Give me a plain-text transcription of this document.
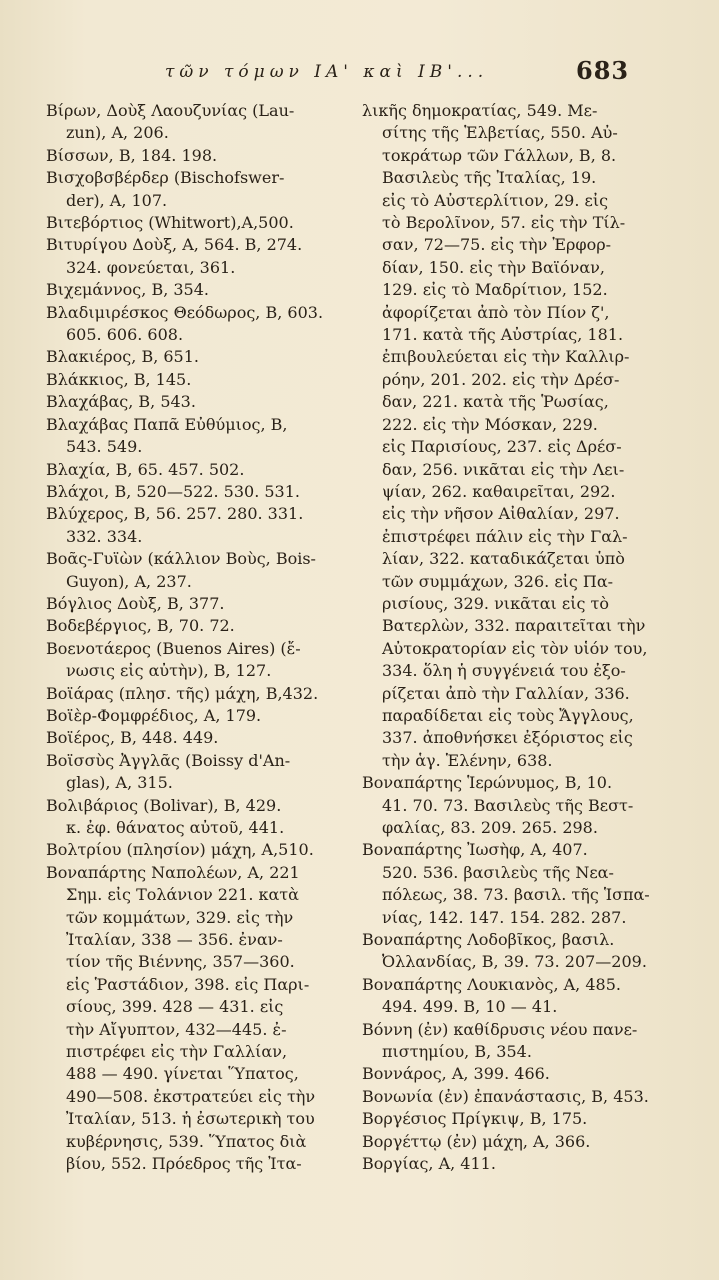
τῶν τόμων ΙΑ' καὶ ΙΒ'...	683
Βίρων, Δοὺξ Λαουζυνίας (Lau-
zun), Α, 206.
Βίσσων, Β, 184. 198.
Βισχοβσβέρδερ (Bischofswer-
der), Α, 107.
Βιτεβόρτιος (Whitwort),Α,500.
Βιτυρίγου Δοὺξ, Α, 564. Β, 274.
324. φονεύεται, 361.
Βιχεμάννος, Β, 354.
Βλαδιμιρέσκος Θεόδωρος, Β, 603.
605. 606. 608.
Βλακιέρος, Β, 651.
Βλάκκιος, Β, 145.
Βλαχάβας, Β, 543.
Βλαχάβας Παπᾶ Εὐθύμιος, Β,
543. 549.
Βλαχία, Β, 65. 457. 502.
Βλάχοι, Β, 520—522. 530. 531.
Βλύχερος, Β, 56. 257. 280. 331.
332. 334.
Βοᾶς-Γυϊὼν (κάλλιον Βοὺς, Bois-
Guyon), Α, 237.
Βόγλιος Δοὺξ, Β, 377.
Βοδεβέργιος, Β, 70. 72.
Βοενοτάερος (Buenos Aires) (ἔ-
νωσις εἰς αὐτὴν), Β, 127.
Βοϊάρας (πλησ. τῆς) μάχη, Β,432.
Βοϊὲρ-Φομφρέδιος, Α, 179.
Βοϊέρος, Β, 448. 449.
Βοϊσσὺς Ἀγγλᾶς (Boissy d'An-
glas), Α, 315.
Βολιβάριος (Bolivar), Β, 429.
κ. ἐφ. θάνατος αὐτοῦ, 441.
Βολτρίου (πλησίον) μάχη, Α,510.
Βοναπάρτης Ναπολέων, Α, 221
Σημ. εἰς Τολάνιον 221. κατὰ
τῶν κομμάτων, 329. εἰς τὴν
Ἰταλίαν, 338 — 356. ἐναν-
τίον τῆς Βιέννης, 357—360.
εἰς Ῥαστάδιον, 398. εἰς Παρι-
σίους, 399. 428 — 431. εἰς
τὴν Αἴγυπτον, 432—445. ἐ-
πιστρέφει εἰς τὴν Γαλλίαν,
488 — 490. γίνεται Ὕπατος,
490—508. ἐκστρατεύει εἰς τὴν
Ἰταλίαν, 513. ἡ ἐσωτερικὴ του
κυβέρνησις, 539. Ὕπατος διὰ
βίου, 552. Πρόεδρος τῆς Ἰτα-
λικῆς δημοκρατίας, 549. Με-
σίτης τῆς Ἑλβετίας, 550. Αὐ-
τοκράτωρ τῶν Γάλλων, Β, 8.
Βασιλεὺς τῆς Ἰταλίας, 19.
εἰς τὸ Αὐστερλίτιον, 29. εἰς
τὸ Βερολῖνον, 57. εἰς τὴν Τίλ-
σαν, 72—75. εἰς τὴν Ἐρφορ-
δίαν, 150. εἰς τὴν Βαϊόναν,
129. εἰς τὸ Μαδρίτιον, 152.
ἀφορίζεται ἀπὸ τὸν Πίον ζ',
171. κατὰ τῆς Αὐστρίας, 181.
ἐπιβουλεύεται εἰς τὴν Καλλιρ-
ρόην, 201. 202. εἰς τὴν Δρέσ-
δαν, 221. κατὰ τῆς Ῥωσίας,
222. εἰς τὴν Μόσκαν, 229.
εἰς Παρισίους, 237. εἰς Δρέσ-
δαν, 256. νικᾶται εἰς τὴν Λει-
ψίαν, 262. καθαιρεῖται, 292.
εἰς τὴν νῆσον Αἰθαλίαν, 297.
ἐπιστρέφει πάλιν εἰς τὴν Γαλ-
λίαν, 322. καταδικάζεται ὑπὸ
τῶν συμμάχων, 326. εἰς Πα-
ρισίους, 329. νικᾶται εἰς τὸ
Βατερλὼν, 332. παραιτεῖται τὴν
Αὐτοκρατορίαν εἰς τὸν υἱόν του,
334. ὅλη ἡ συγγένειά του ἐξο-
ρίζεται ἀπὸ τὴν Γαλλίαν, 336.
παραδίδεται εἰς τοὺς Ἄγγλους,
337. ἀποθνήσκει ἐξόριστος εἰς
τὴν ἁγ. Ἑλένην, 638.
Βοναπάρτης Ἱερώνυμος, Β, 10.
41. 70. 73. Βασιλεὺς τῆς Βεστ-
φαλίας, 83. 209. 265. 298.
Βοναπάρτης Ἰωσὴφ, Α, 407.
520. 536. βασιλεὺς τῆς Νεα-
πόλεως, 38. 73. βασιλ. τῆς Ἱσπα-
νίας, 142. 147. 154. 282. 287.
Βοναπάρτης Λοδοβῖκος, βασιλ.
Ὀλλανδίας, Β, 39. 73. 207—209.
Βοναπάρτης Λουκιανὸς, Α, 485.
494. 499. Β, 10 — 41.
Βόννη (ἐν) καθίδρυσις νέου πανε-
πιστημίου, Β, 354.
Βοννάρος, Α, 399. 466.
Βονωνία (ἐν) ἐπανάστασις, Β, 453.
Βοργέσιος Πρίγκιψ, Β, 175.
Βοργέττῳ (ἐν) μάχη, Α, 366.
Βοργίας, Α, 411.
